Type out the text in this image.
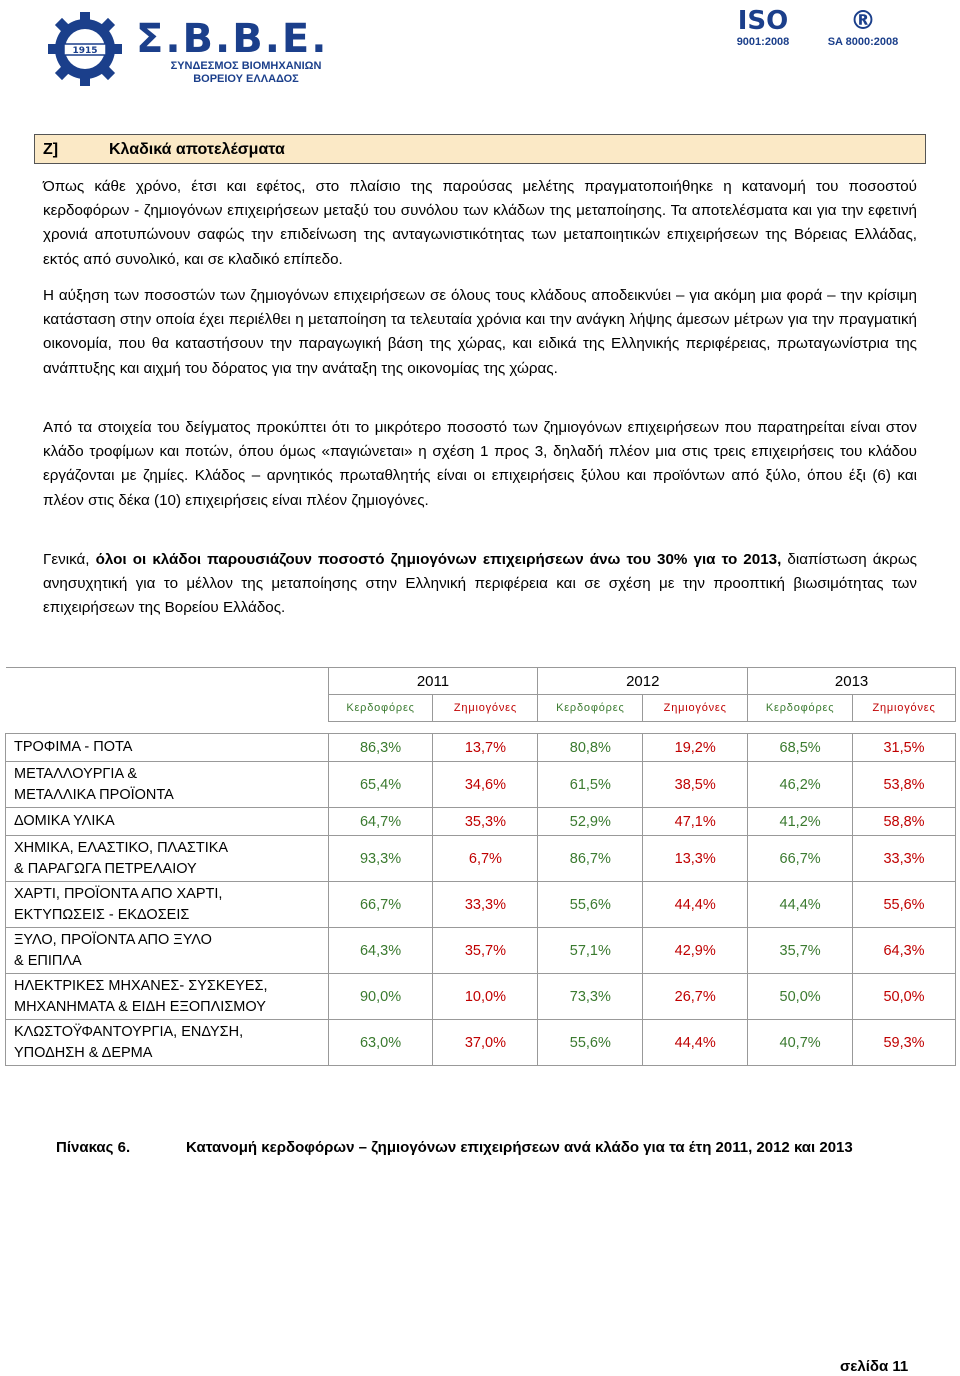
1915 Σ.Β.Β.Ε.
ΣΥΝΔΕΣΜΟΣ ΒΙΟΜΗΧΑΝΙΩΝ
ΒΟΡΕΙΟΥ ΕΛΛΑΔΟΣ
ISO
9001:2008
®
SA 8000:2008
Z]	Κλαδικά αποτελέσματα
Όπως κάθε χρόνο, έτσι και εφέτος, στο πλαίσιο της παρούσας μελέτης πραγματοποιήθηκε η κατανομή του ποσοστού κερδοφόρων - ζημιογόνων επιχειρήσεων μεταξύ του συνόλου των κλάδων της μεταποίησης. Τα αποτελέσματα και για την εφετινή χρονιά αποτυπώνουν σαφώς την επιδείνωση της ανταγωνιστικότητας των μεταποιητικών επιχειρήσεων της Βόρειας Ελλάδας, εκτός από συνολικό, και σε κλαδικό επίπεδο.
Η αύξηση των ποσοστών των ζημιογόνων επιχειρήσεων σε όλους τους κλάδους αποδεικνύει – για ακόμη μια φορά – την κρίσιμη κατάσταση στην οποία έχει περιέλθει η μεταποίηση τα τελευταία χρόνια και την ανάγκη λήψης άμεσων μέτρων για την πραγματική οικονομία, που θα καταστήσουν την παραγωγική βάση της χώρας, και ειδικά της Ελληνικής περιφέρειας, πρωταγωνίστρια της ανάπτυξης και αιχμή του δόρατος για την ανάταξη της οικονομίας της χώρας.
Από τα στοιχεία του δείγματος προκύπτει ότι το μικρότερο ποσοστό των ζημιογόνων επιχειρήσεων που παρατηρείται είναι στον κλάδο τροφίμων και ποτών, όπου όμως «παγιώνεται» η σχέση 1 προς 3, δηλαδή πλέον μια στις τρεις επιχειρήσεις του κλάδου εργάζονται με ζημίες. Κλάδος – αρνητικός πρωταθλητής είναι οι επιχειρήσεις ξύλου και προϊόντων από ξύλο, όπου έξι (6) και πλέον στις δέκα (10) επιχειρήσεις είναι πλέον ζημιογόνες.
Γενικά, όλοι οι κλάδοι παρουσιάζουν ποσοστό ζημιογόνων επιχειρήσεων άνω του 30% για το 2013, διαπίστωση άκρως ανησυχητική για το μέλλον της μεταποίησης στην Ελληνική περιφέρεια και σε σχέση με την προοπτική βιωσιμότητας των επιχειρήσεων της Βορείου Ελλάδος.
	2011		2012		2013	
	Κερδοφόρες	Ζημιογόνες	Κερδοφόρες	Ζημιογόνες	Κερδοφόρες	Ζημιογόνες

ΤΡΟΦΙΜΑ - ΠΟΤΑ	86,3%	13,7%	80,8%	19,2%	68,5%	31,5%

ΜΕΤΑΛΛΟΥΡΓΙΑ &
ΜΕΤΑΛΛΙΚΑ ΠΡΟΪΟΝΤΑ	65,4%	34,6%	61,5%	38,5%	46,2%	53,8%

ΔΟΜΙΚΑ ΥΛΙΚΑ	64,7%	35,3%	52,9%	47,1%	41,2%	58,8%

ΧΗΜΙΚΑ, ΕΛΑΣΤΙΚΟ, ΠΛΑΣΤΙΚΑ
& ΠΑΡΑΓΩΓΑ ΠΕΤΡΕΛΑΙΟΥ	93,3%	6,7%	86,7%	13,3%	66,7%	33,3%

ΧΑΡΤΙ, ΠΡΟΪΟΝΤΑ ΑΠΟ ΧΑΡΤΙ,
ΕΚΤΥΠΩΣΕΙΣ - ΕΚΔΟΣΕΙΣ	66,7%	33,3%	55,6%	44,4%	44,4%	55,6%

ΞΥΛΟ, ΠΡΟΪΟΝΤΑ ΑΠΟ ΞΥΛΟ
& ΕΠΙΠΛΑ	64,3%	35,7%	57,1%	42,9%	35,7%	64,3%

ΗΛΕΚΤΡΙΚΕΣ ΜΗΧΑΝΕΣ- ΣΥΣΚΕΥΕΣ,
ΜΗΧΑΝΗΜΑΤΑ & ΕΙΔΗ ΕΞΟΠΛΙΣΜΟΥ	90,0%	10,0%	73,3%	26,7%	50,0%	50,0%

ΚΛΩΣΤΟΫΦΑΝΤΟΥΡΓΙΑ, ΕΝΔΥΣΗ,
ΥΠΟΔΗΣΗ & ΔΕΡΜΑ	63,0%	37,0%	55,6%	44,4%	40,7%	59,3%
Πίνακας 6.	Κατανομή κερδοφόρων – ζημιογόνων επιχειρήσεων ανά κλάδο για τα έτη 2011, 2012 και 2013
σελίδα 11
